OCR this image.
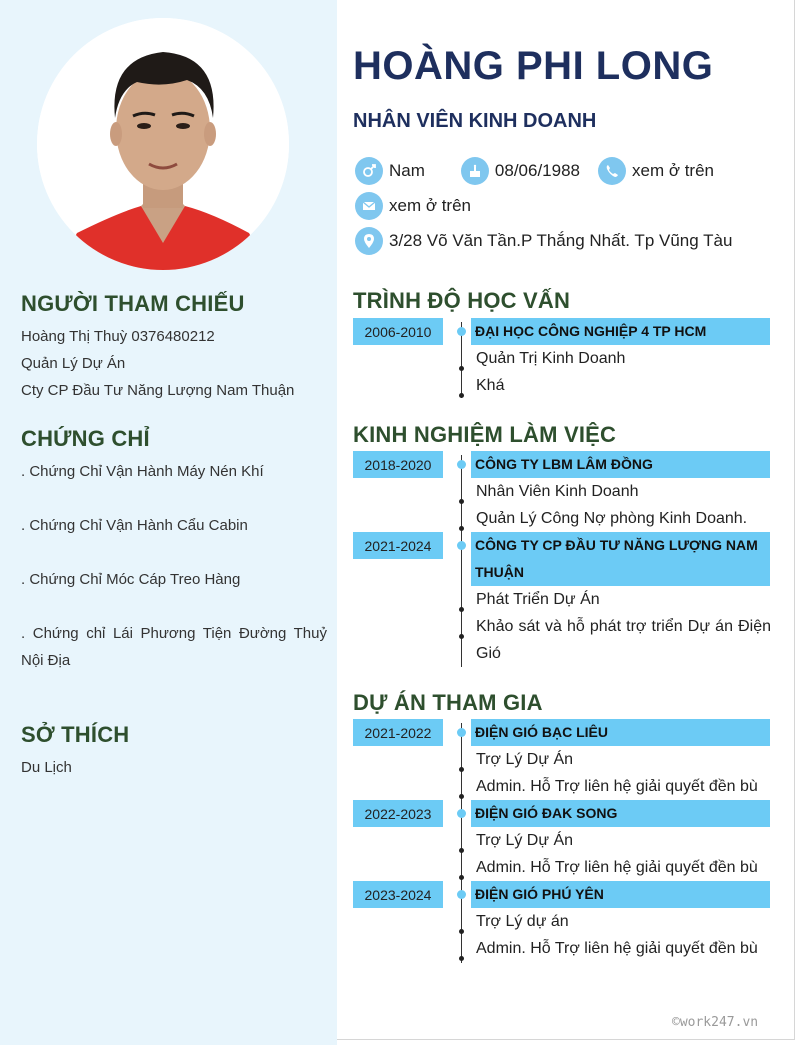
NGƯỜI THAM CHIẾU
Hoàng Thị Thuỳ 0376480212
Quản Lý Dự Án
Cty CP Đầu Tư Năng Lượng Nam Thuận
CHỨNG CHỈ
. Chứng Chỉ Vận Hành Máy Nén Khí
. Chứng Chỉ Vận Hành Cẩu Cabin
. Chứng Chỉ Móc Cáp Treo Hàng
. Chứng chỉ Lái Phương Tiện Đường Thuỷ Nội Địa
SỞ THÍCH
Du Lịch
HOÀNG PHI LONG
NHÂN VIÊN KINH DOANH
Nam	08/06/1988	xem ở trên
xem ở trên
3/28 Võ Văn Tần.P Thắng Nhất. Tp Vũng Tàu
TRÌNH ĐỘ HỌC VẤN
2006-2010	ĐẠI HỌC CÔNG NGHIỆP 4 TP HCM
Quản Trị Kinh Doanh
Khá
KINH NGHIỆM LÀM VIỆC
2018-2020	CÔNG TY LBM LÂM ĐỒNG
Nhân Viên Kinh Doanh
Quản Lý Công Nợ phòng Kinh Doanh.
2021-2024	CÔNG TY CP ĐẦU TƯ NĂNG LƯỢNG NAM THUẬN
Phát Triển Dự Án
Khảo sát và hỗ phát trợ triển Dự án Điện Gió
DỰ ÁN THAM GIA
2021-2022	ĐIỆN GIÓ BẠC LIÊU
Trợ Lý Dự Án
Admin. Hỗ Trợ liên hệ giải quyết đền bù
2022-2023	ĐIỆN GIÓ ĐAK SONG
Trợ Lý Dự Án
Admin. Hỗ Trợ liên hệ giải quyết đền bù
2023-2024	ĐIỆN GIÓ PHÚ YÊN
Trợ Lý dự án
Admin. Hỗ Trợ liên hệ giải quyết đền bù
©work247.vn
